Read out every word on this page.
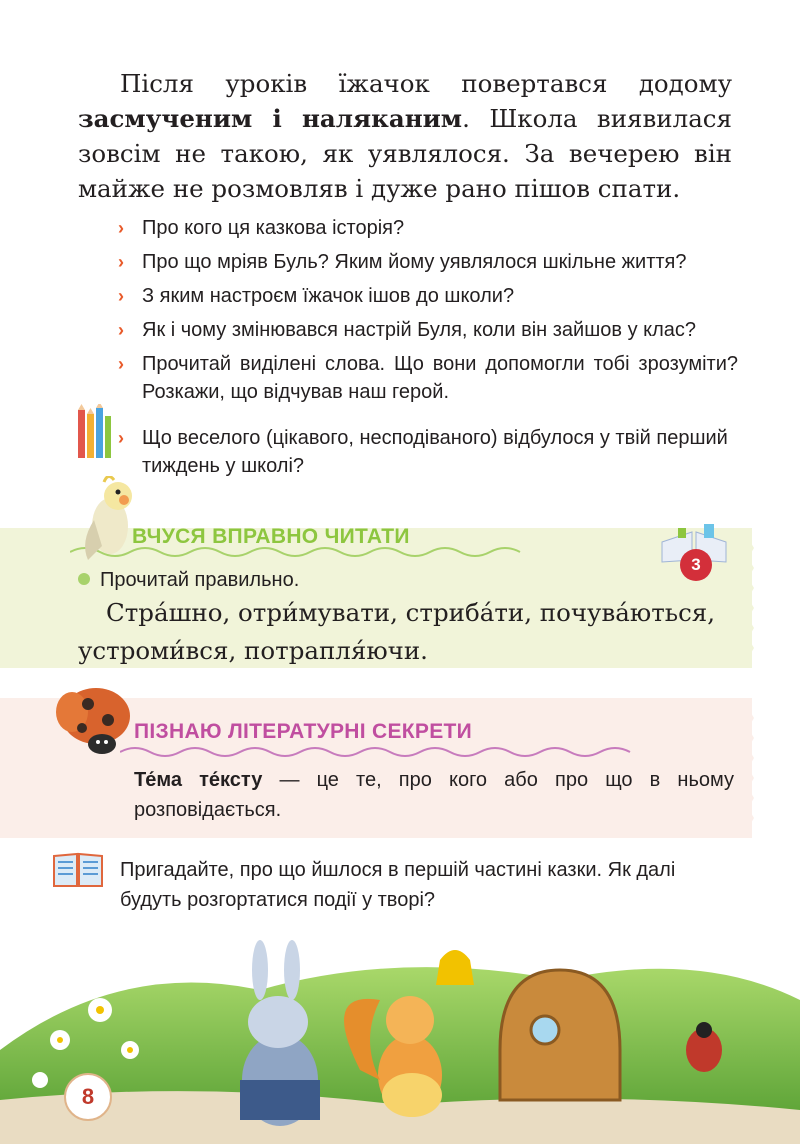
Після уроків їжачок повертався додому засмученим і наляканим. Школа виявилася зовсім не такою, як уявлялося. За вечерею він майже не розмовляв і дуже рано пішов спати.
› Про кого ця казкова історія?
› Про що мріяв Буль? Яким йому уявлялося шкільне життя?
› З яким настроєм їжачок ішов до школи?
› Як і чому змінювався настрій Буля, коли він зайшов у клас?
› Прочитай виділені слова. Що вони допомогли тобі зрозуміти? Розкажи, що відчував наш герой.
› Що веселого (цікавого, несподіваного) відбулося у твій перший тиждень у школі?
ВЧУСЯ ВПРАВНО ЧИТАТИ
3
Прочитай правильно.
Стра́шно, отри́мувати, стриба́ти, почува́ються,
устроми́вся, потрапля́ючи.
ПІЗНАЮ ЛІТЕРАТУРНІ СЕКРЕТИ
Те́ма те́ксту — це те, про кого або про що в ньому розповідається.
Пригадайте, про що йшлося в першій частині казки. Як далі будуть розгортатися події у творі?
8
